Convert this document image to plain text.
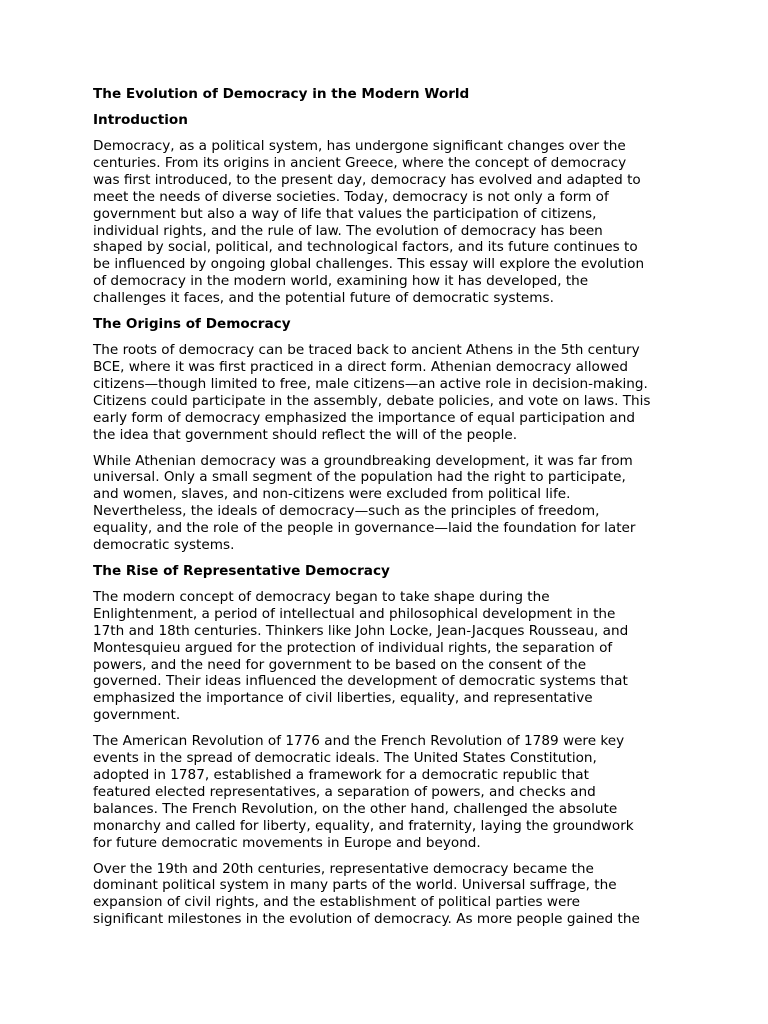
The Evolution of Democracy in the Modern World
Introduction
Democracy, as a political system, has undergone significant changes over the
centuries. From its origins in ancient Greece, where the concept of democracy
was first introduced, to the present day, democracy has evolved and adapted to
meet the needs of diverse societies. Today, democracy is not only a form of
government but also a way of life that values the participation of citizens,
individual rights, and the rule of law. The evolution of democracy has been
shaped by social, political, and technological factors, and its future continues to
be influenced by ongoing global challenges. This essay will explore the evolution
of democracy in the modern world, examining how it has developed, the
challenges it faces, and the potential future of democratic systems.
The Origins of Democracy
The roots of democracy can be traced back to ancient Athens in the 5th century
BCE, where it was first practiced in a direct form. Athenian democracy allowed
citizens—though limited to free, male citizens—an active role in decision-making.
Citizens could participate in the assembly, debate policies, and vote on laws. This
early form of democracy emphasized the importance of equal participation and
the idea that government should reflect the will of the people.
While Athenian democracy was a groundbreaking development, it was far from
universal. Only a small segment of the population had the right to participate,
and women, slaves, and non-citizens were excluded from political life.
Nevertheless, the ideals of democracy—such as the principles of freedom,
equality, and the role of the people in governance—laid the foundation for later
democratic systems.
The Rise of Representative Democracy
The modern concept of democracy began to take shape during the
Enlightenment, a period of intellectual and philosophical development in the
17th and 18th centuries. Thinkers like John Locke, Jean-Jacques Rousseau, and
Montesquieu argued for the protection of individual rights, the separation of
powers, and the need for government to be based on the consent of the
governed. Their ideas influenced the development of democratic systems that
emphasized the importance of civil liberties, equality, and representative
government.
The American Revolution of 1776 and the French Revolution of 1789 were key
events in the spread of democratic ideals. The United States Constitution,
adopted in 1787, established a framework for a democratic republic that
featured elected representatives, a separation of powers, and checks and
balances. The French Revolution, on the other hand, challenged the absolute
monarchy and called for liberty, equality, and fraternity, laying the groundwork
for future democratic movements in Europe and beyond.
Over the 19th and 20th centuries, representative democracy became the
dominant political system in many parts of the world. Universal suffrage, the
expansion of civil rights, and the establishment of political parties were
significant milestones in the evolution of democracy. As more people gained the
